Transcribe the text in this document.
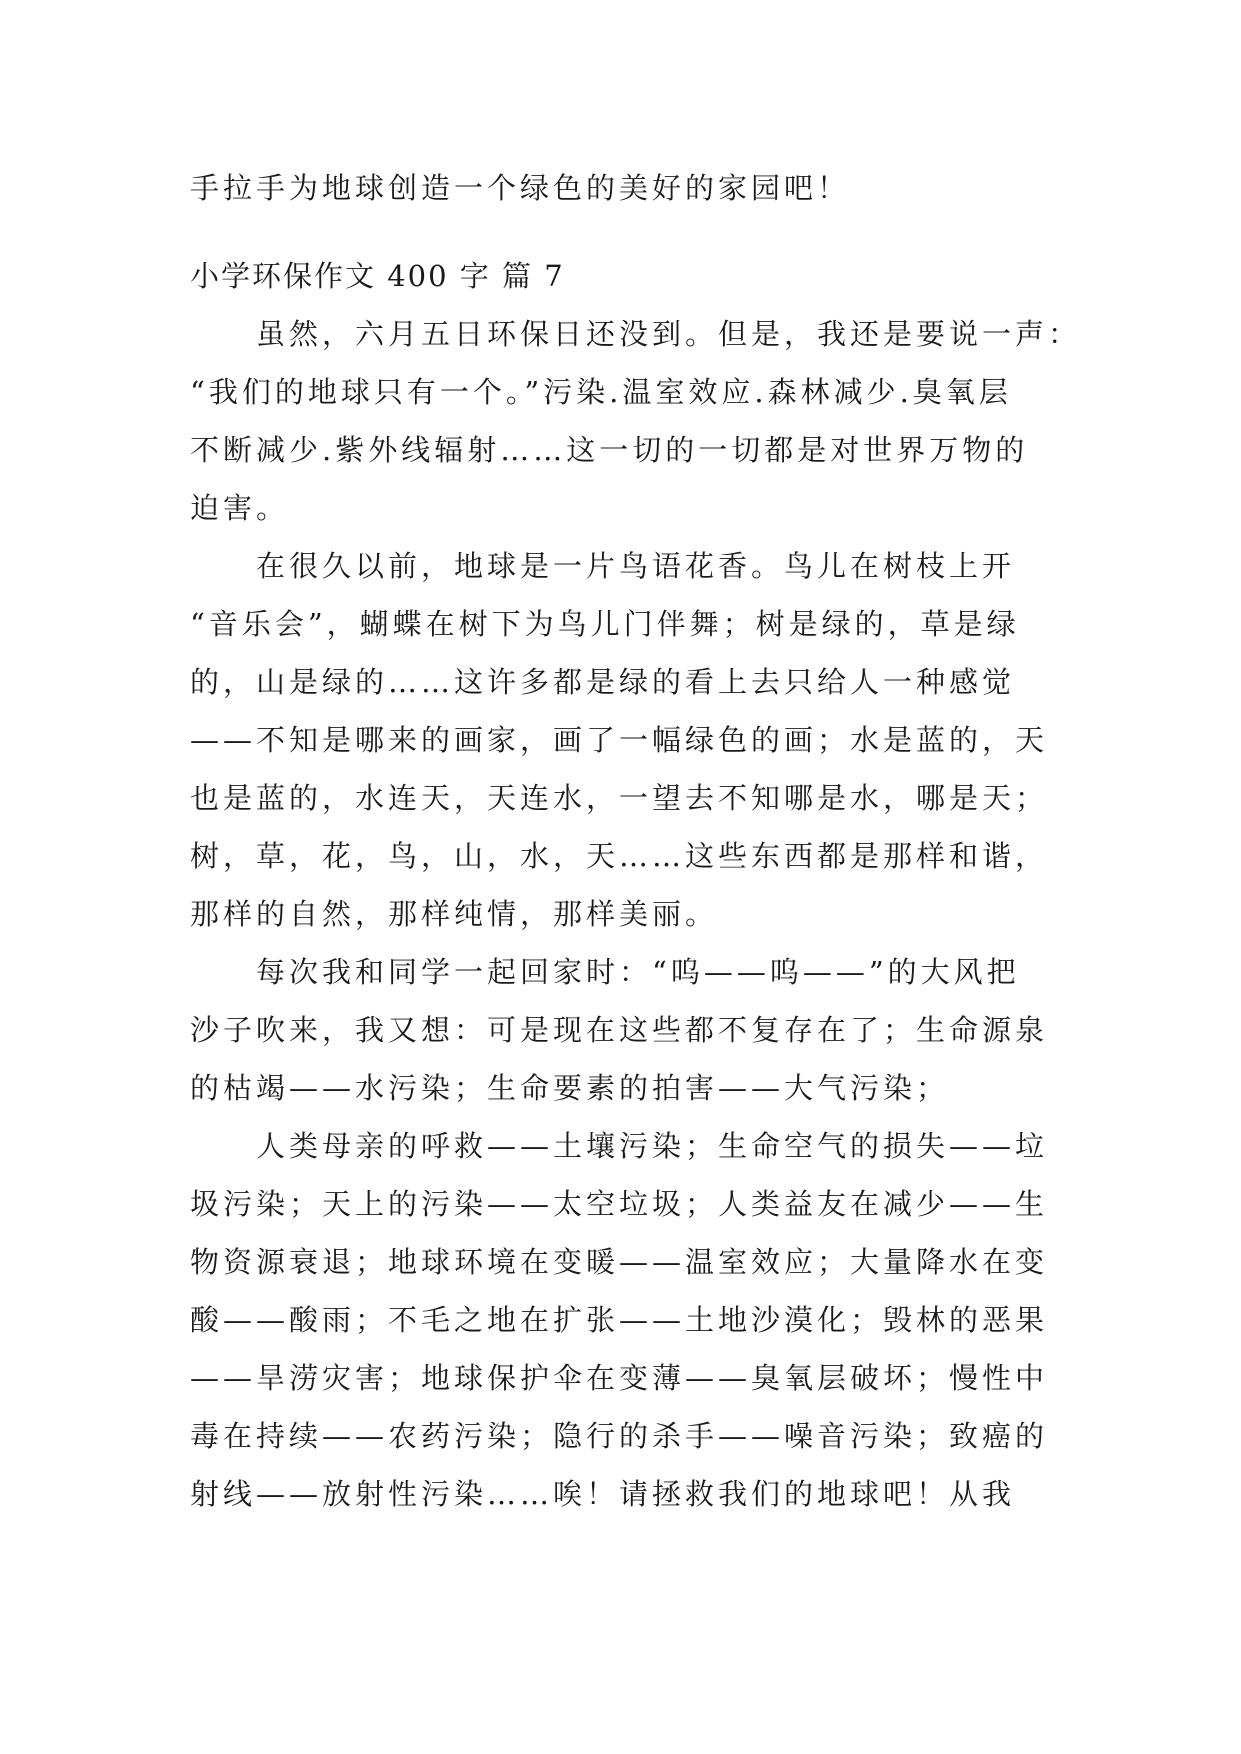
手拉手为地球创造一个绿色的美好的家园吧！

小学环保作文 400 字 篇 7

虽然，六月五日环保日还没到。但是，我还是要说一声：

“我们的地球只有一个。”污染.温室效应.森林减少.臭氧层

不断减少.紫外线辐射……这一切的一切都是对世界万物的

迫害。

在很久以前，地球是一片鸟语花香。鸟儿在树枝上开

“音乐会”，蝴蝶在树下为鸟儿门伴舞；树是绿的，草是绿

的，山是绿的……这许多都是绿的看上去只给人一种感觉

——不知是哪来的画家，画了一幅绿色的画；水是蓝的，天

也是蓝的，水连天，天连水，一望去不知哪是水，哪是天；

树，草，花，鸟，山，水，天……这些东西都是那样和谐，

那样的自然，那样纯情，那样美丽。

每次我和同学一起回家时：“呜——呜——”的大风把

沙子吹来，我又想：可是现在这些都不复存在了；生命源泉

的枯竭——水污染；生命要素的拍害——大气污染；

人类母亲的呼救——土壤污染；生命空气的损失——垃

圾污染；天上的污染——太空垃圾；人类益友在减少——生

物资源衰退；地球环境在变暖——温室效应；大量降水在变

酸——酸雨；不毛之地在扩张——土地沙漠化；毁林的恶果

——旱涝灾害；地球保护伞在变薄——臭氧层破坏；慢性中

毒在持续——农药污染；隐行的杀手——噪音污染；致癌的

射线——放射性污染……唉！请拯救我们的地球吧！从我
